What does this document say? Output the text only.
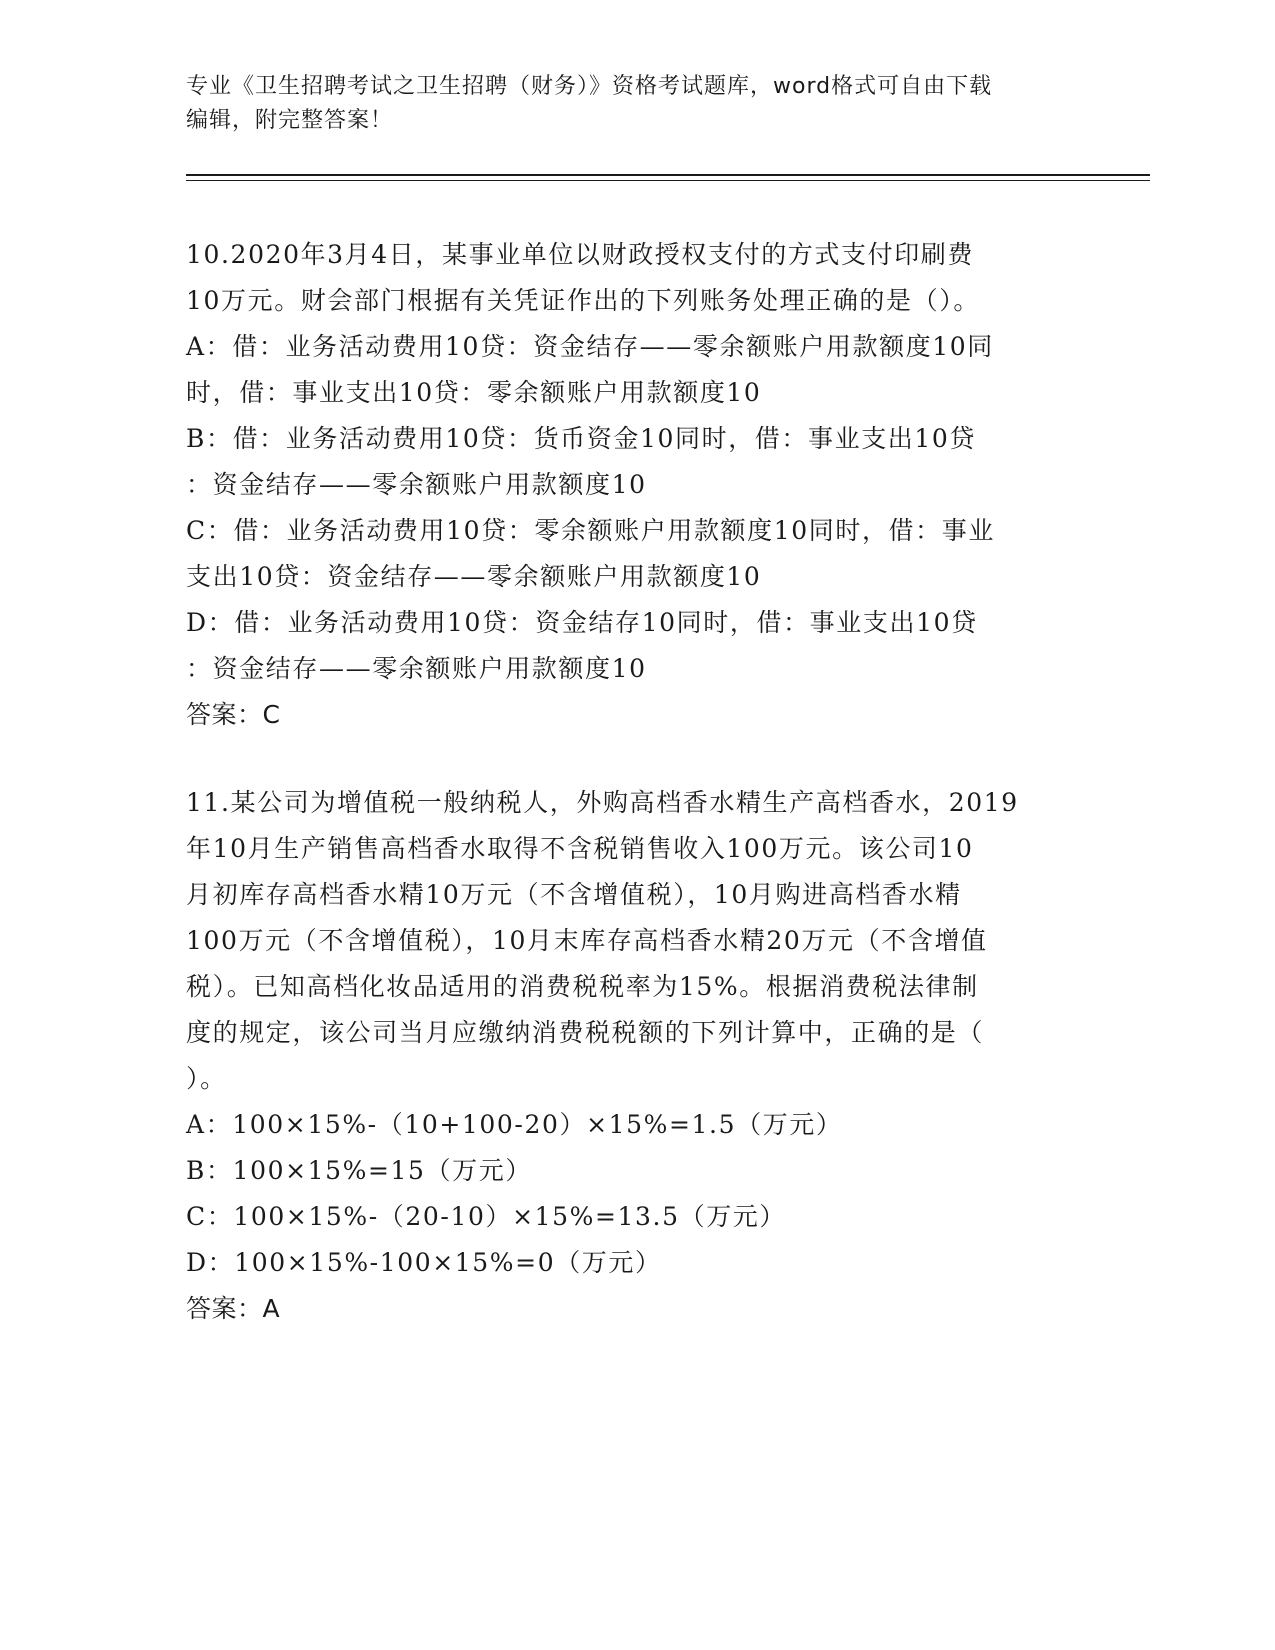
专业《卫生招聘考试之卫生招聘（财务）》资格考试题库，word格式可自由下载
编辑，附完整答案！
10.2020年3月4日，某事业单位以财政授权支付的方式支付印刷费
10万元。财会部门根据有关凭证作出的下列账务处理正确的是（）。
A：借：业务活动费用10贷：资金结存——零余额账户用款额度10同
时，借：事业支出10贷：零余额账户用款额度10
B：借：业务活动费用10贷：货币资金10同时，借：事业支出10贷
：资金结存——零余额账户用款额度10
C：借：业务活动费用10贷：零余额账户用款额度10同时，借：事业
支出10贷：资金结存——零余额账户用款额度10
D：借：业务活动费用10贷：资金结存10同时，借：事业支出10贷
：资金结存——零余额账户用款额度10
答案：C
11.某公司为增值税一般纳税人，外购高档香水精生产高档香水，2019
年10月生产销售高档香水取得不含税销售收入100万元。该公司10
月初库存高档香水精10万元（不含增值税），10月购进高档香水精
100万元（不含增值税），10月末库存高档香水精20万元（不含增值
税）。已知高档化妆品适用的消费税税率为15%。根据消费税法律制
度的规定，该公司当月应缴纳消费税税额的下列计算中，正确的是（
）。
A：100×15%-（10+100-20）×15%=1.5（万元）
B：100×15%=15（万元）
C：100×15%-（20-10）×15%=13.5（万元）
D：100×15%-100×15%=0（万元）
答案：A
